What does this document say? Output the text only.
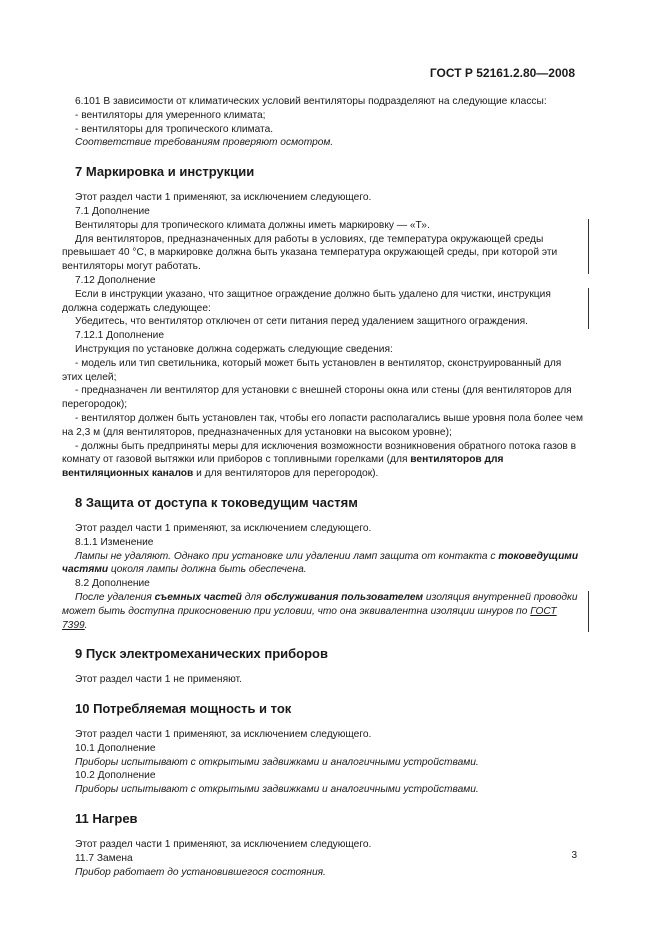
ГОСТ Р 52161.2.80—2008

6.101 В зависимости от климатических условий вентиляторы подразделяют на следующие классы:

- вентиляторы для умеренного климата;

- вентиляторы для тропического климата.

Соответствие требованиям проверяют осмотром.

7 Маркировка и инструкции

Этот раздел части 1 применяют, за исключением следующего.

7.1 Дополнение

Вентиляторы для тропического климата должны иметь маркировку — «Т».

Для вентиляторов, предназначенных для работы в условиях, где температура окружающей среды превышает 40 °С, в маркировке должна быть указана температура окружающей среды, при которой эти вентиляторы могут работать.

7.12 Дополнение

Если в инструкции указано, что защитное ограждение должно быть удалено для чистки, инструкция должна содержать следующее:

Убедитесь, что вентилятор отключен от сети питания перед удалением защитного ограждения.

7.12.1 Дополнение

Инструкция по установке должна содержать следующие сведения:

- модель или тип светильника, который может быть установлен в вентилятор, сконструированный для этих целей;

- предназначен ли вентилятор для установки с внешней стороны окна или стены (для вентиляторов для перегородок);

- вентилятор должен быть установлен так, чтобы его лопасти располагались выше уровня пола более чем на 2,3 м (для вентиляторов, предназначенных для установки на высоком уровне);

- должны быть предприняты меры для исключения возможности возникновения обратного потока газов в комнату от газовой вытяжки или приборов с топливными горелками (для вентиляторов для вентиляционных каналов и для вентиляторов для перегородок).

8 Защита от доступа к токоведущим частям

Этот раздел части 1 применяют, за исключением следующего.

8.1.1 Изменение

Лампы не удаляют. Однако при установке или удалении ламп защита от контакта с токоведущими частями цоколя лампы должна быть обеспечена.

8.2 Дополнение

После удаления съемных частей для обслуживания пользователем изоляция внутренней проводки может быть доступна прикосновению при условии, что она эквивалентна изоляции шнуров по ГОСТ 7399.

9 Пуск электромеханических приборов

Этот раздел части 1 не применяют.

10 Потребляемая мощность и ток

Этот раздел части 1 применяют, за исключением следующего.

10.1 Дополнение

Приборы испытывают с открытыми задвижками и аналогичными устройствами.

10.2 Дополнение

Приборы испытывают с открытыми задвижками и аналогичными устройствами.

11 Нагрев

Этот раздел части 1 применяют, за исключением следующего.

11.7 Замена

Прибор работает до установившегося состояния.

3
